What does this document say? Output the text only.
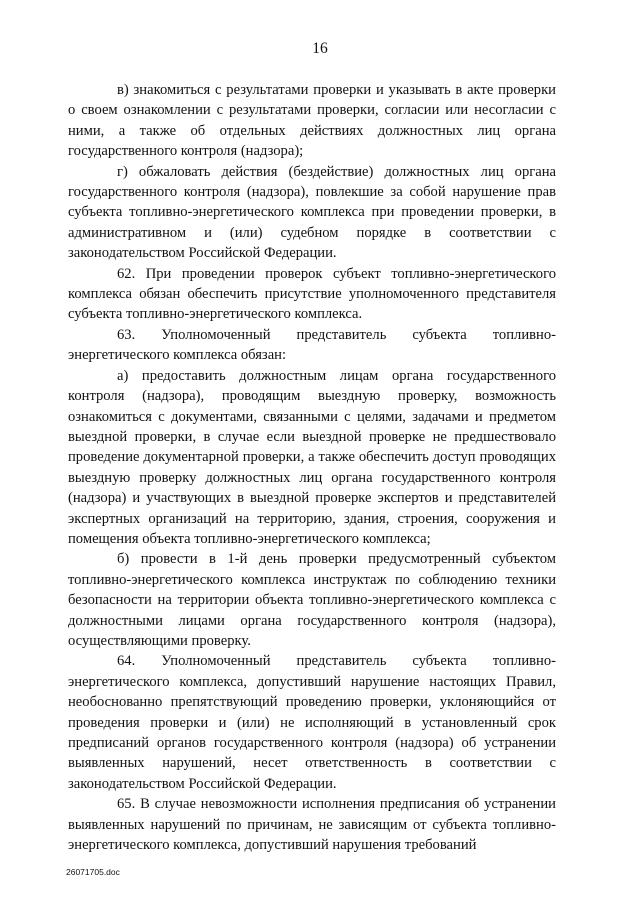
16

в) знакомиться с результатами проверки и указывать в акте проверки о своем ознакомлении с результатами проверки, согласии или несогласии с ними, а также об отдельных действиях должностных лиц органа государственного контроля (надзора);

г) обжаловать действия (бездействие) должностных лиц органа государственного контроля (надзора), повлекшие за собой нарушение прав субъекта топливно-энергетического комплекса при проведении проверки, в административном и (или) судебном порядке в соответствии с законодательством Российской Федерации.

62. При проведении проверок субъект топливно-энергетического комплекса обязан обеспечить присутствие уполномоченного представителя субъекта топливно-энергетического комплекса.

63. Уполномоченный представитель субъекта топливно-энергетического комплекса обязан:

а) предоставить должностным лицам органа государственного контроля (надзора), проводящим выездную проверку, возможность ознакомиться с документами, связанными с целями, задачами и предметом выездной проверки, в случае если выездной проверке не предшествовало проведение документарной проверки, а также обеспечить доступ проводящих выездную проверку должностных лиц органа государственного контроля (надзора) и участвующих в выездной проверке экспертов и представителей экспертных организаций на территорию, здания, строения, сооружения и помещения объекта топливно-энергетического комплекса;

б) провести в 1-й день проверки предусмотренный субъектом топливно-энергетического комплекса инструктаж по соблюдению техники безопасности на территории объекта топливно-энергетического комплекса с должностными лицами органа государственного контроля (надзора), осуществляющими проверку.

64. Уполномоченный представитель субъекта топливно-энергетического комплекса, допустивший нарушение настоящих Правил, необоснованно препятствующий проведению проверки, уклоняющийся от проведения проверки и (или) не исполняющий в установленный срок предписаний органов государственного контроля (надзора) об устранении выявленных нарушений, несет ответственность в соответствии с законодательством Российской Федерации.

65. В случае невозможности исполнения предписания об устранении выявленных нарушений по причинам, не зависящим от субъекта топливно-энергетического комплекса, допустивший нарушения требований

26071705.doc
